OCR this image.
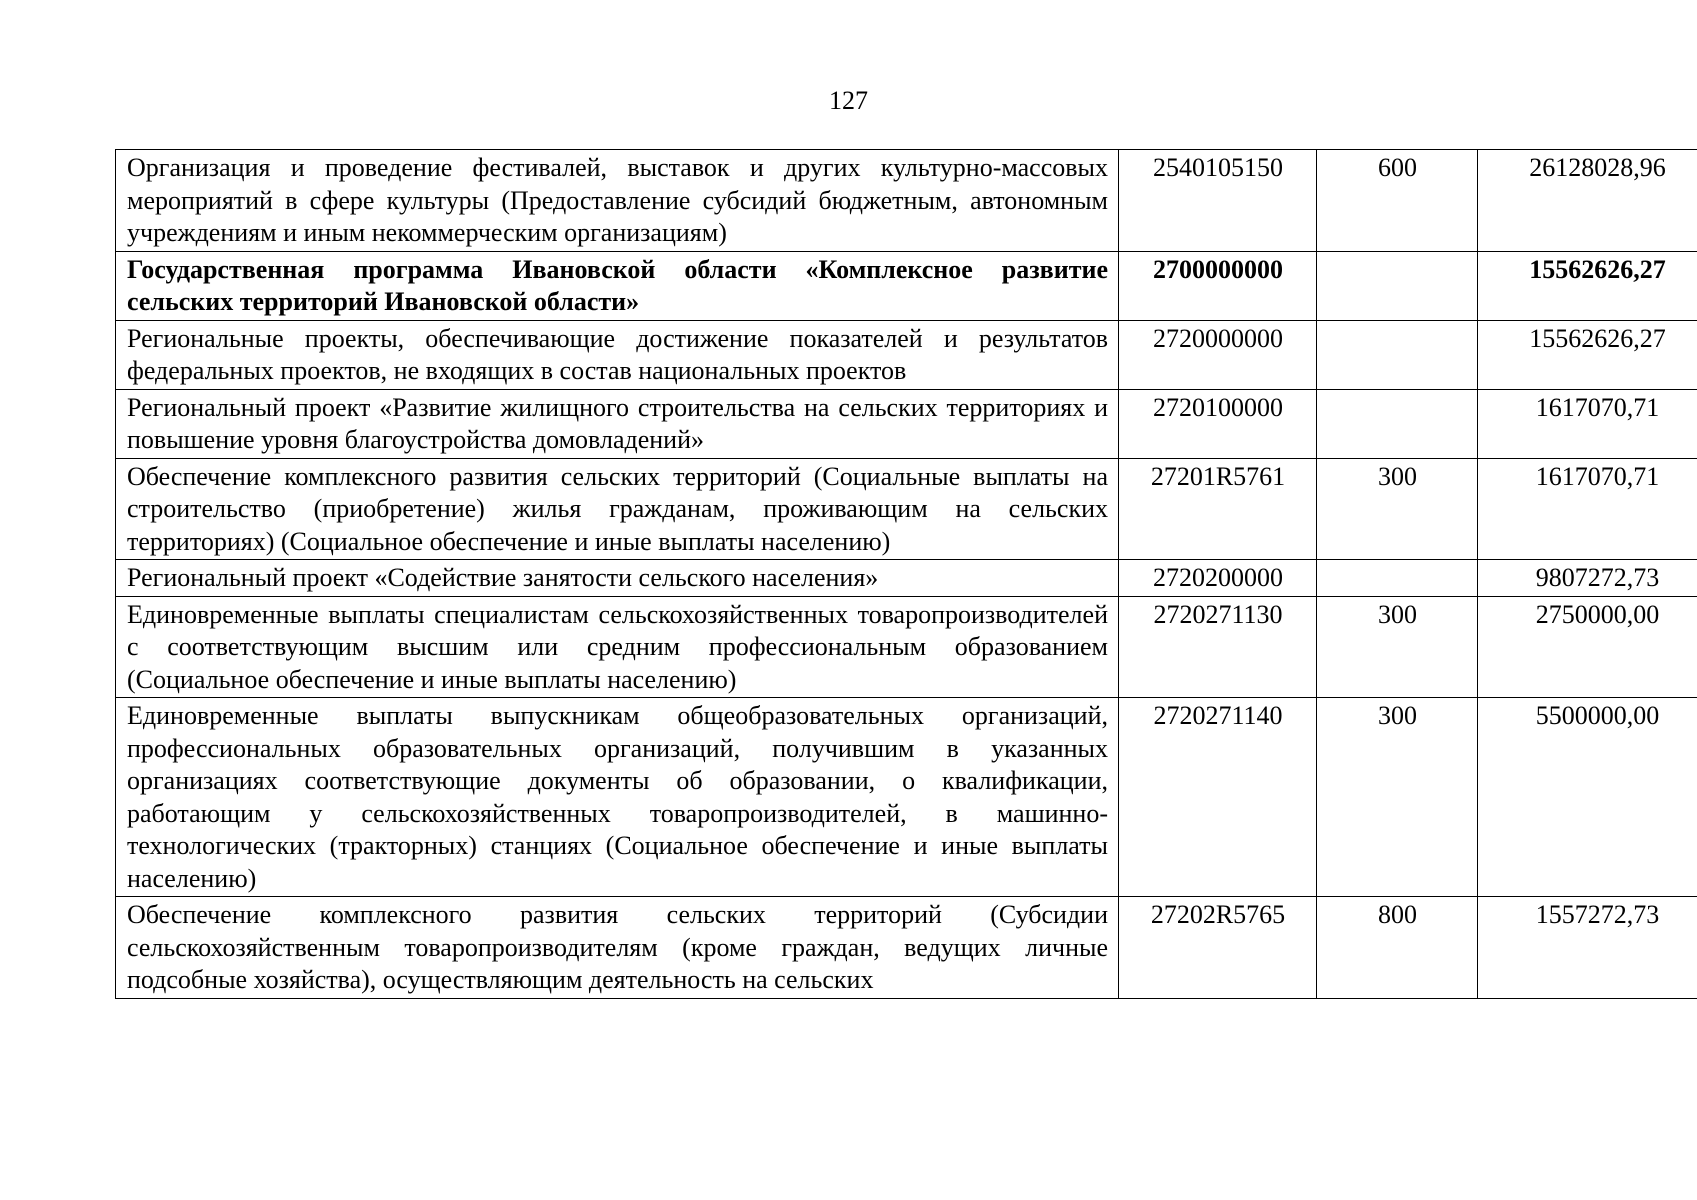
127
Организация и проведение фестивалей, выставок и других культурно-массовых мероприятий в сфере культуры (Предоставление субсидий бюджетным, автономным учреждениям и иным некоммерческим организациям)	2540105150	600	26128028,96
Государственная программа Ивановской области «Комплексное развитие сельских территорий Ивановской области»	2700000000		15562626,27
Региональные проекты, обеспечивающие достижение показателей и результатов федеральных проектов, не входящих в состав национальных проектов	2720000000		15562626,27
Региональный проект «Развитие жилищного строительства на сельских территориях и повышение уровня благоустройства домовладений»	2720100000		1617070,71
Обеспечение комплексного развития сельских территорий (Социальные выплаты на строительство (приобретение) жилья гражданам, проживающим на сельских территориях) (Социальное обеспечение и иные выплаты населению)	27201R5761	300	1617070,71
Региональный проект «Содействие занятости сельского населения»	2720200000		9807272,73
Единовременные выплаты специалистам сельскохозяйственных товаропроизводителей с соответствующим высшим или средним профессиональным образованием (Социальное обеспечение и иные выплаты населению)	2720271130	300	2750000,00
Единовременные выплаты выпускникам общеобразовательных организаций, профессиональных образовательных организаций, получившим в указанных организациях соответствующие документы об образовании, о квалификации, работающим у сельскохозяйственных товаропроизводителей, в машинно-технологических (тракторных) станциях (Социальное обеспечение и иные выплаты населению)	2720271140	300	5500000,00
Обеспечение комплексного развития сельских территорий (Субсидии сельскохозяйственным товаропроизводителям (кроме граждан, ведущих личные подсобные хозяйства), осуществляющим деятельность на сельских	27202R5765	800	1557272,73
